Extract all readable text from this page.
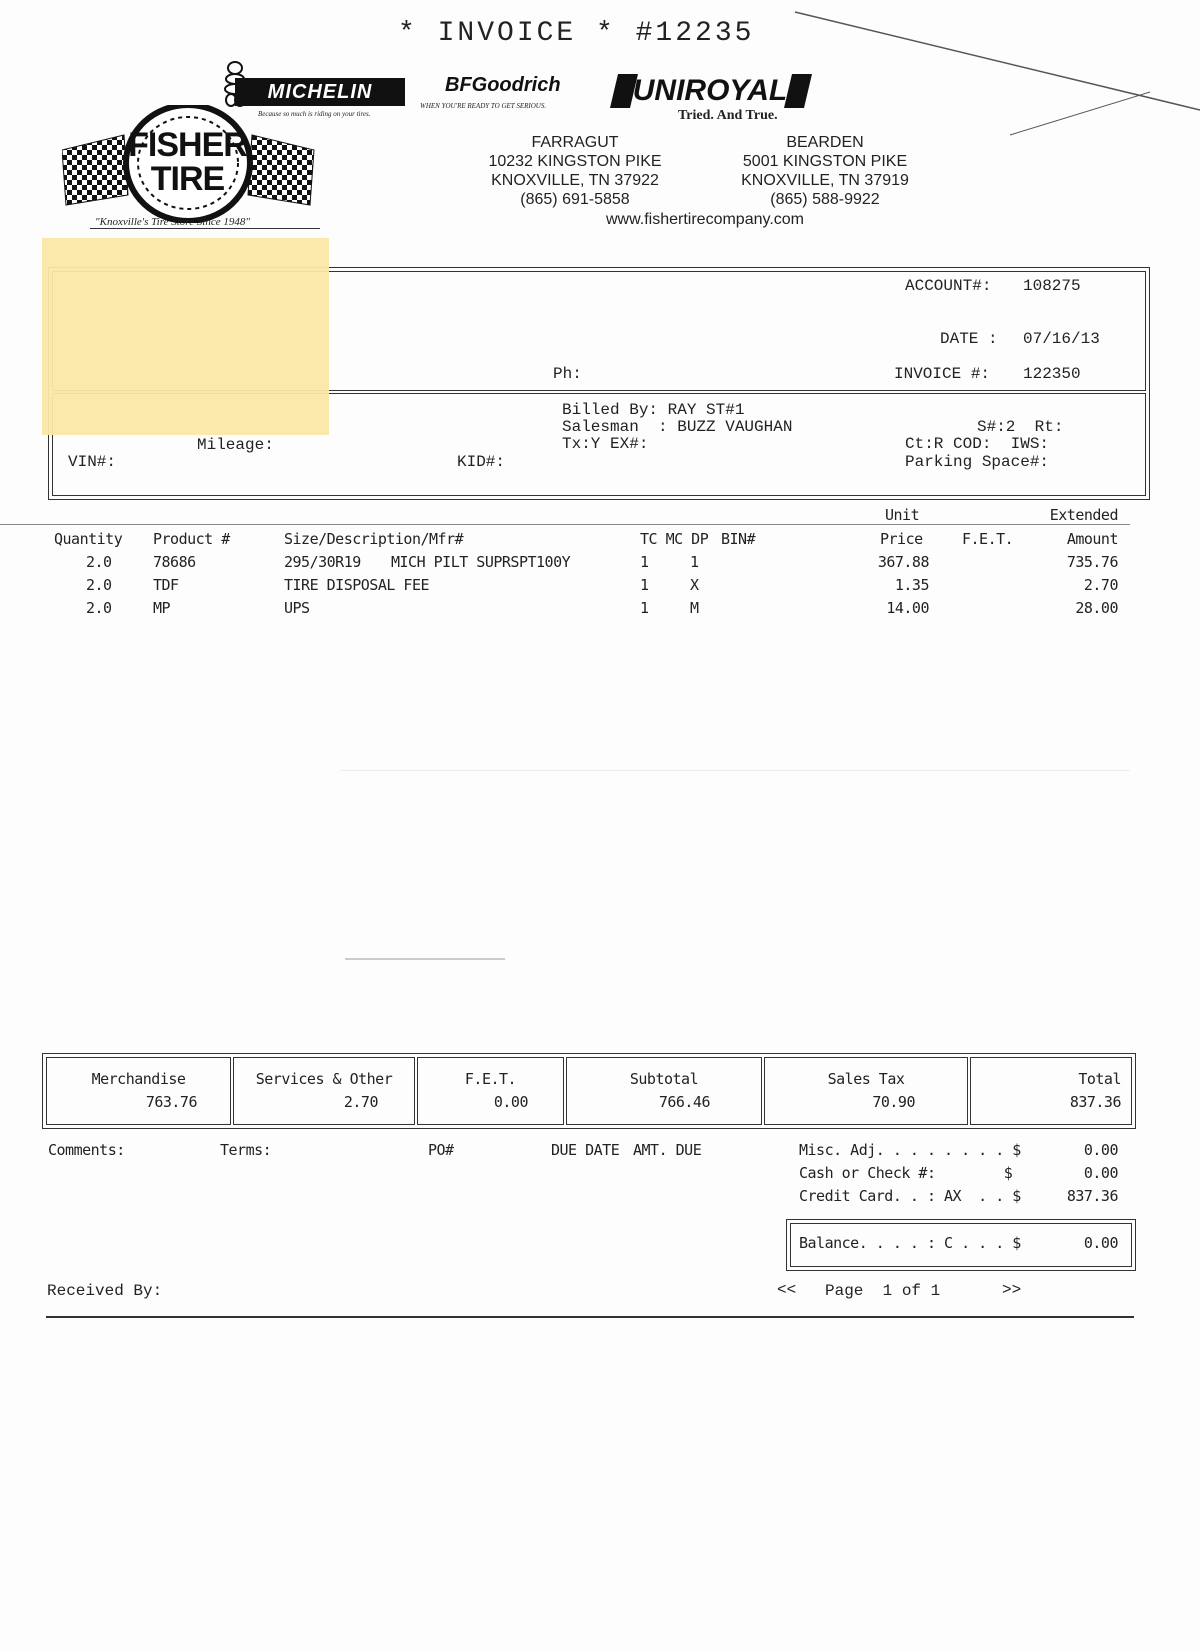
* INVOICE * #12235
MICHELIN
Because so much is riding on your tires.
BFGoodrich
WHEN YOU'RE READY TO GET SERIOUS.	UNIROYAL
Tried. And True.
FISHER
TIRE
"Knoxville's Tire Store Since 1948"
FARRAGUT
10232 KINGSTON PIKE
KNOXVILLE, TN 37922
(865) 691-5858
BEARDEN
5001 KINGSTON PIKE
KNOXVILLE, TN 37919
(865) 588-9922
www.fishertirecompany.com
ACCOUNT#: 108275
DATE : 07/16/13
Ph:	INVOICE #: 122350
Billed By: RAY ST#1
Salesman  : BUZZ VAUGHAN
Tx:Y EX#:
S#:2  Rt:
Ct:R COD:  IWS:
Parking Space#:
Mileage:
VIN#:	KID#:
Unit	Extended
Quantity Product #	Size/Description/Mfr#	TC MC DP BIN#	Price	F.E.T.	Amount
2.0	78686	295/30R19 MICH PILT SUPRSPT100Y	1	1	367.88	735.76
2.0	TDF	TIRE DISPOSAL FEE	1	X	1.35	2.70
2.0	MP	UPS	1	M	14.00	28.00
Merchandise
763.76
Services & Other
2.70
F.E.T.
0.00
Subtotal
766.46
Sales Tax
70.90
Total
837.36
Comments:	Terms:	PO#	DUE DATE AMT. DUE	Misc. Adj. . . . . . . . $	0.00
Cash or Check #:        $	0.00
Credit Card. . : AX  . . $	837.36
Balance. . . . : C . . . $	0.00
Received By:	<< Page  1 of 1	>>
